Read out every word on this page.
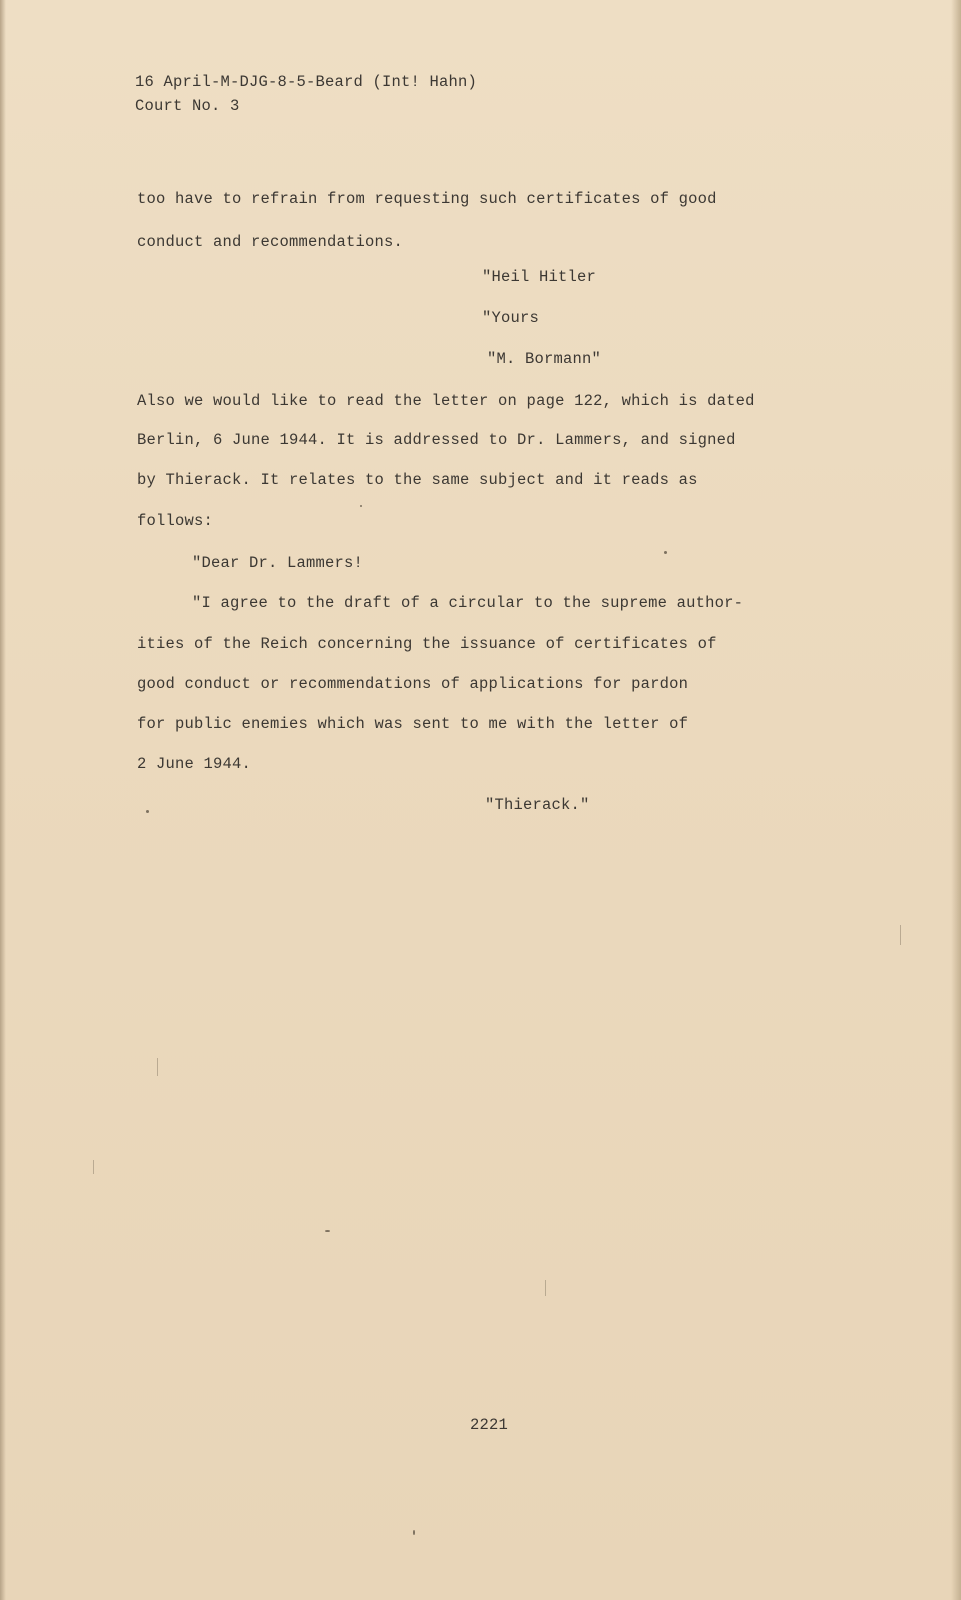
16 April-M-DJG-8-5-Beard (Int! Hahn)
Court No. 3
too have to refrain from requesting such certificates of good
conduct and recommendations.
"Heil Hitler
"Yours
"M. Bormann"
Also we would like to read the letter on page 122, which is dated
Berlin, 6 June 1944. It is addressed to Dr. Lammers, and signed
by Thierack. It relates to the same subject and it reads as
follows:
"Dear Dr. Lammers!
"I agree to the draft of a circular to the supreme author-
ities of the Reich concerning the issuance of certificates of
good conduct or recommendations of applications for pardon
for public enemies which was sent to me with the letter of
2 June 1944.
"Thierack."
2221
